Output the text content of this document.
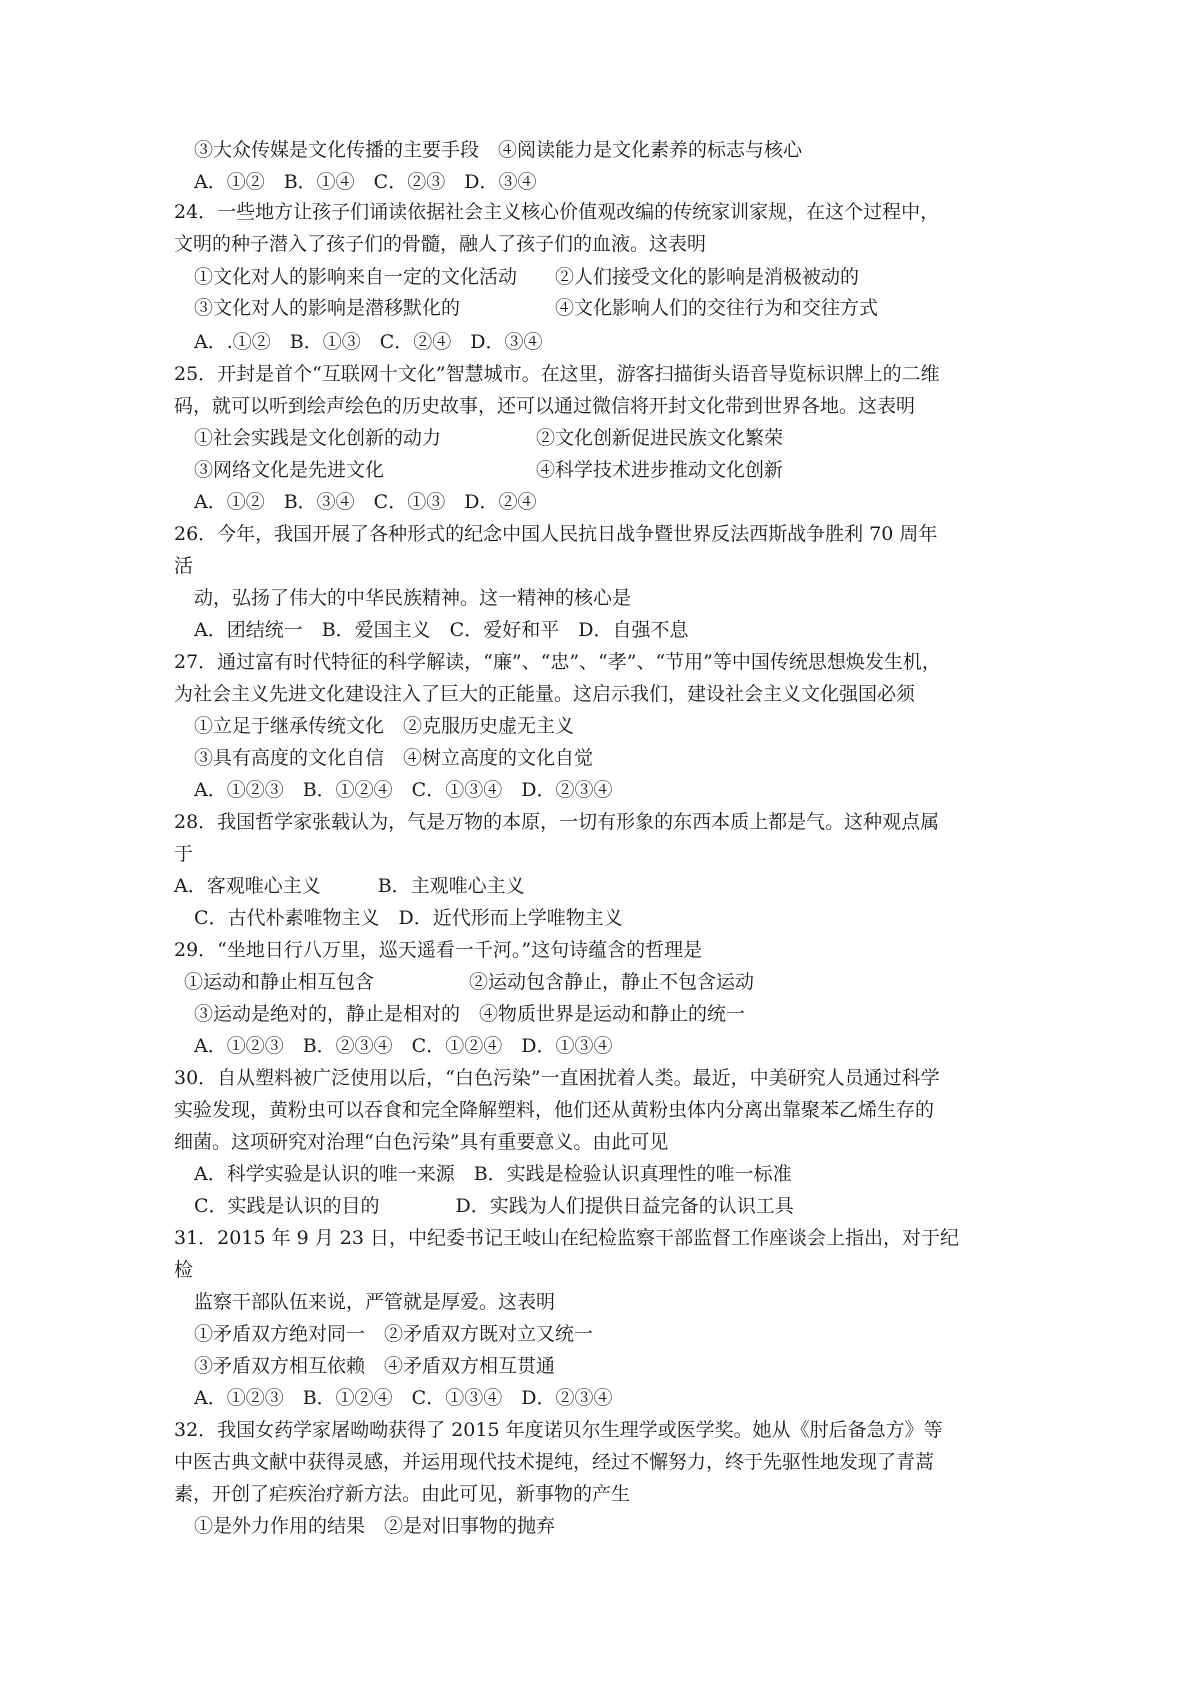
③大众传媒是文化传播的主要手段　④阅读能力是文化素养的标志与核心
A．①②　B．①④　C．②③　D．③④
24．一些地方让孩子们诵读依据社会主义核心价值观改编的传统家训家规，在这个过程中，
文明的种子潜入了孩子们的骨髓，融人了孩子们的血液。这表明
①文化对人的影响来自一定的文化活动　　②人们接受文化的影响是消极被动的
③文化对人的影响是潜移默化的　　　　　④文化影响人们的交往行为和交往方式
A．.①②　B．①③　C．②④　D．③④
25．开封是首个“互联网十文化”智慧城市。在这里，游客扫描街头语音导览标识牌上的二维
码，就可以听到绘声绘色的历史故事，还可以通过微信将开封文化带到世界各地。这表明
①社会实践是文化创新的动力　　　　　②文化创新促进民族文化繁荣
③网络文化是先进文化　　　　　　　　④科学技术进步推动文化创新
A．①②　B．③④　C．①③　D．②④
26．今年，我国开展了各种形式的纪念中国人民抗日战争暨世界反法西斯战争胜利 70 周年
活
动，弘扬了伟大的中华民族精神。这一精神的核心是
A．团结统一　B．爱国主义　C．爱好和平　D．自强不息
27．通过富有时代特征的科学解读，“廉”、“忠”、“孝”、“节用”等中国传统思想焕发生机，
为社会主义先进文化建设注入了巨大的正能量。这启示我们，建设社会主义文化强国必须
①立足于继承传统文化　②克服历史虚无主义
③具有高度的文化自信　④树立高度的文化自觉
A．①②③　B．①②④　C．①③④　D．②③④
28．我国哲学家张载认为，气是万物的本原，一切有形象的东西本质上都是气。这种观点属
于
A．客观唯心主义　　　B．主观唯心主义
C．古代朴素唯物主义　D．近代形而上学唯物主义
29．“坐地日行八万里，巡天遥看一千河。”这句诗蕴含的哲理是
①运动和静止相互包含　　　　　②运动包含静止，静止不包含运动
③运动是绝对的，静止是相对的　④物质世界是运动和静止的统一
A．①②③　B．②③④　C．①②④　D．①③④
30．自从塑料被广泛使用以后，“白色污染”一直困扰着人类。最近，中美研究人员通过科学
实验发现，黄粉虫可以吞食和完全降解塑料，他们还从黄粉虫体内分离出靠聚苯乙烯生存的
细菌。这项研究对治理“白色污染”具有重要意义。由此可见
A．科学实验是认识的唯一来源　B．实践是检验认识真理性的唯一标准
C．实践是认识的目的　　　　D．实践为人们提供日益完备的认识工具
31．2015 年 9 月 23 日，中纪委书记王岐山在纪检监察干部监督工作座谈会上指出，对于纪
检
监察干部队伍来说，严管就是厚爱。这表明
①矛盾双方绝对同一　②矛盾双方既对立又统一
③矛盾双方相互依赖　④矛盾双方相互贯通
A．①②③　B．①②④　C．①③④　D．②③④
32．我国女药学家屠呦呦获得了 2015 年度诺贝尔生理学或医学奖。她从《肘后备急方》等
中医古典文献中获得灵感，并运用现代技术提纯，经过不懈努力，终于先驱性地发现了青蒿
素，开创了疟疾治疗新方法。由此可见，新事物的产生
①是外力作用的结果　②是对旧事物的抛弃
